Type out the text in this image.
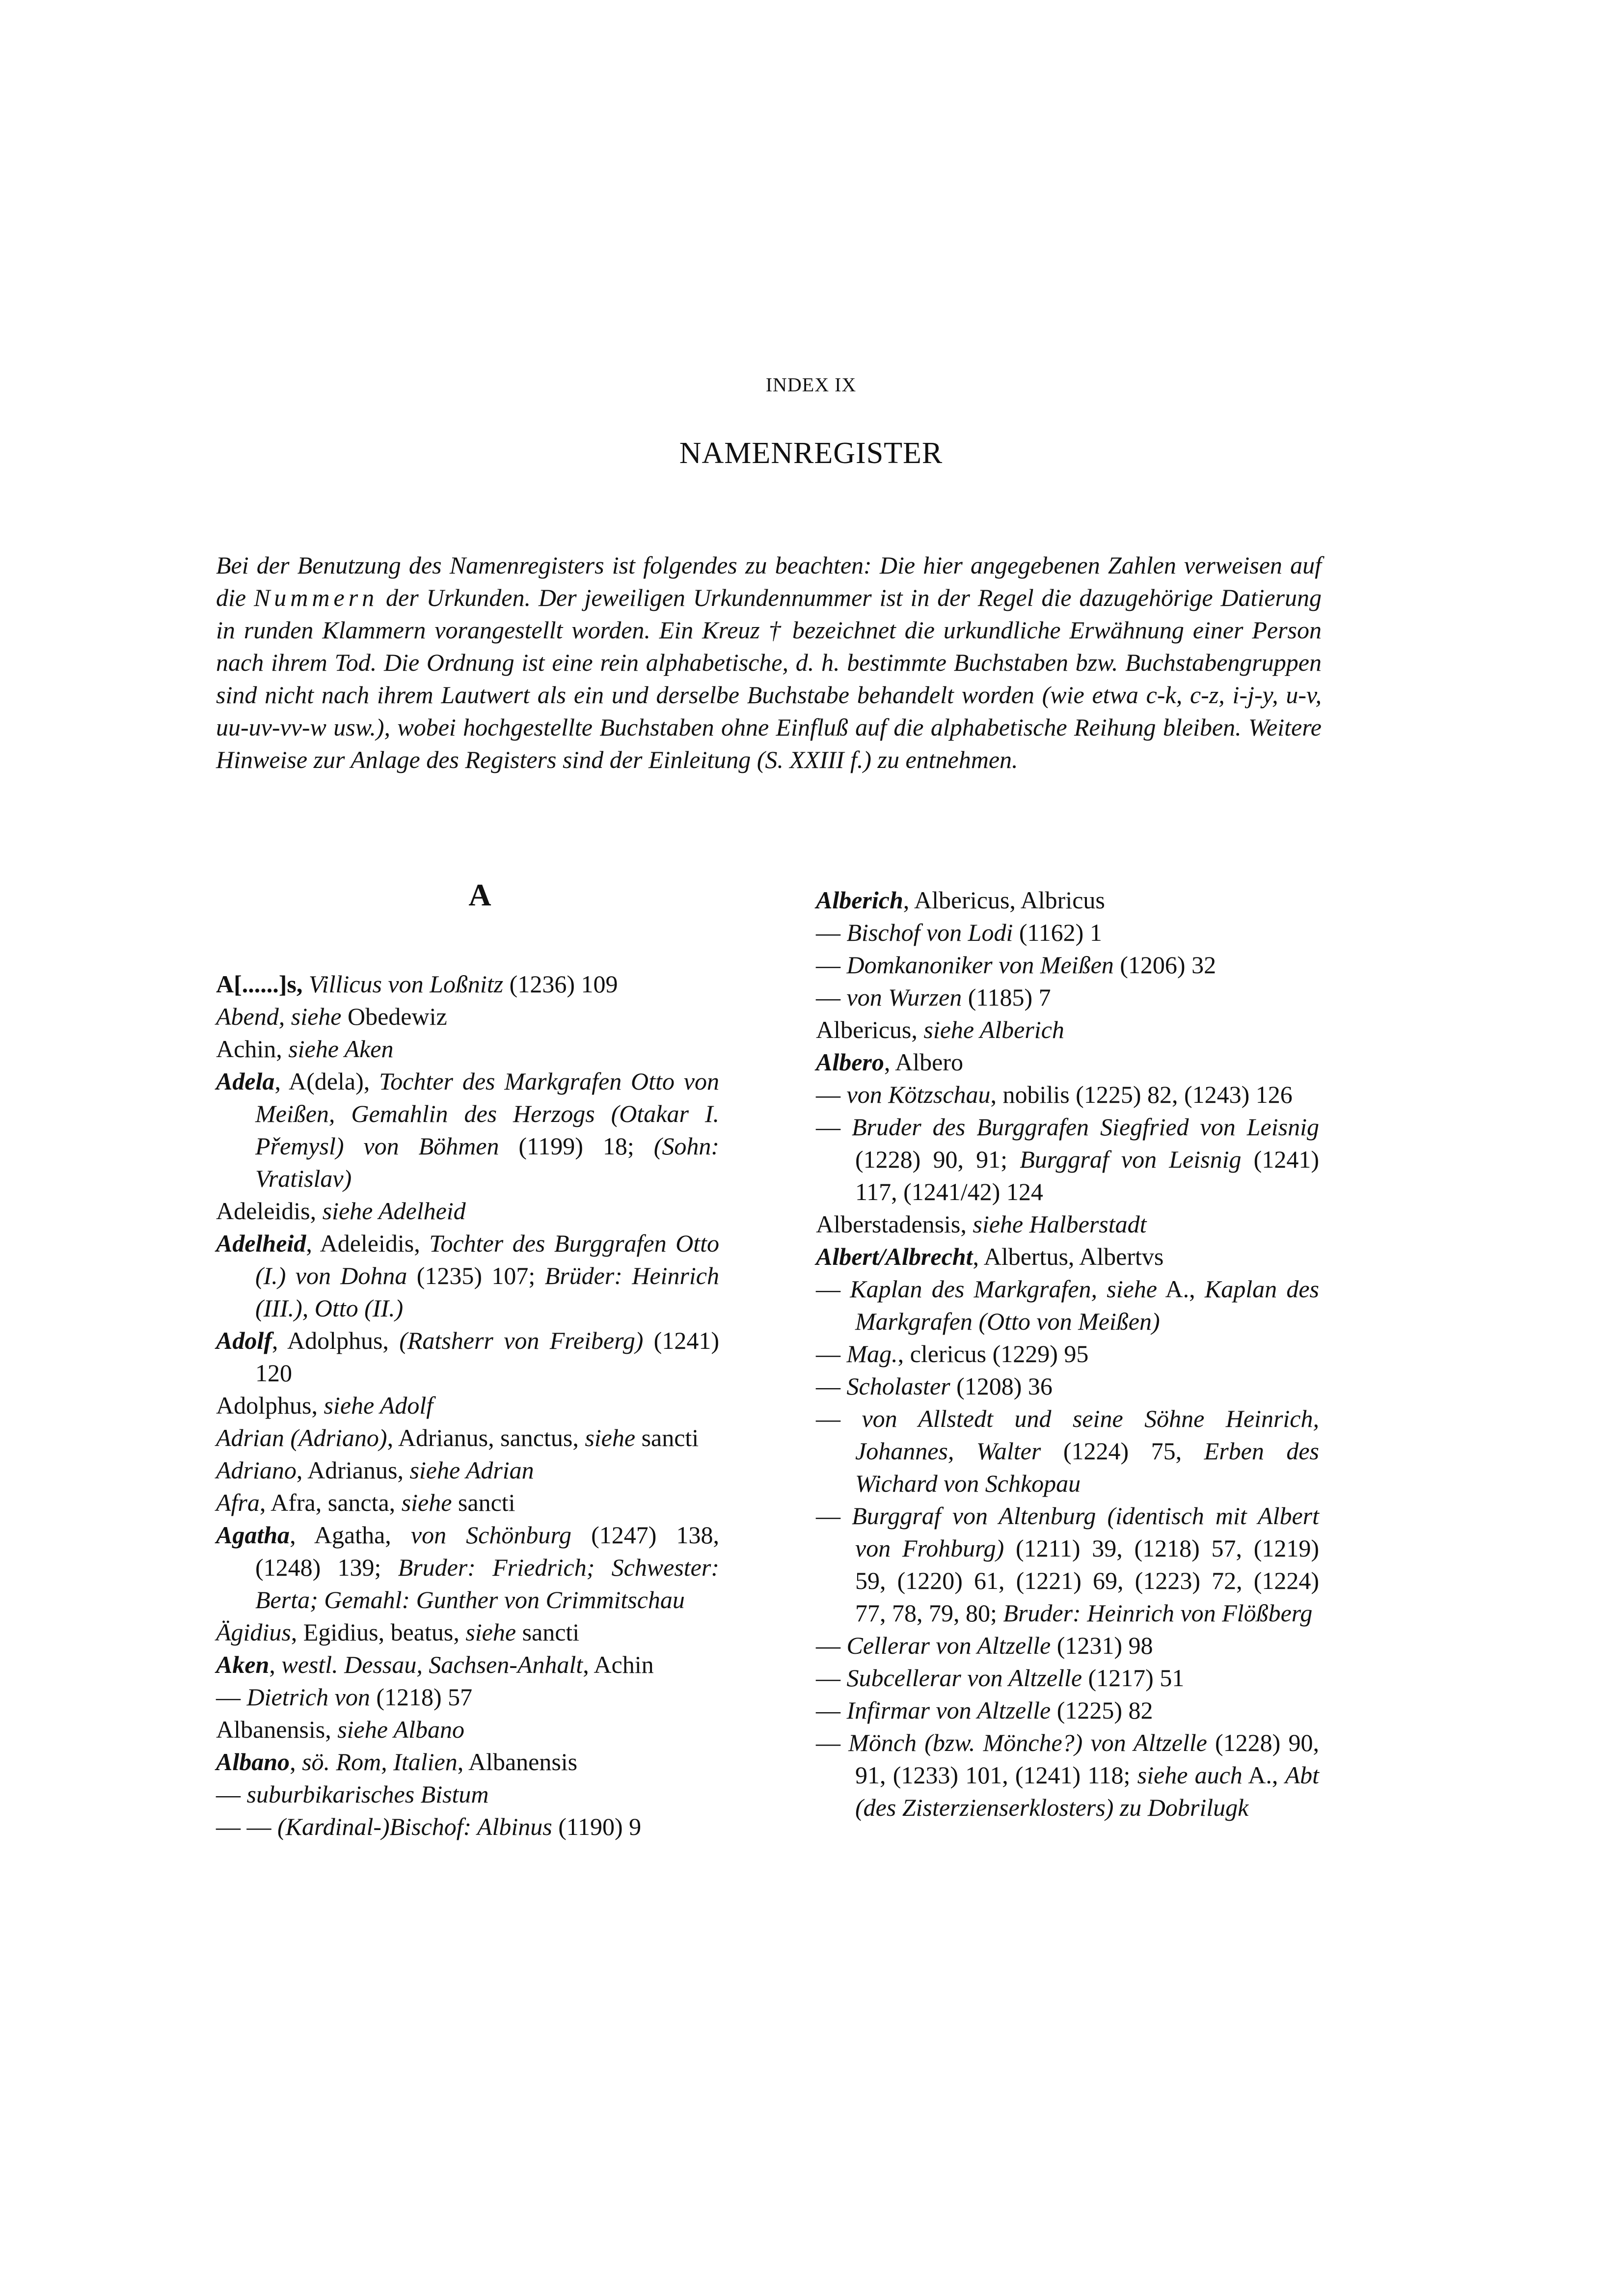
INDEX IX
NAMENREGISTER

Bei der Benutzung des Namenregisters ist folgendes zu beachten: Die hier angegebenen Zahlen verweisen auf die Nummern der Urkunden. Der jeweiligen Urkundennummer ist in der Regel die dazugehörige Datierung in runden Klammern vorangestellt worden. Ein Kreuz † bezeichnet die urkundliche Erwähnung einer Person nach ihrem Tod. Die Ordnung ist eine rein alphabetische, d. h. bestimmte Buchstaben bzw. Buchstabengruppen sind nicht nach ihrem Lautwert als ein und derselbe Buchstabe behandelt worden (wie etwa c-k, c-z, i-j-y, u-v, uu-uv-vv-w usw.), wobei hochgestellte Buchstaben ohne Einfluß auf die alphabetische Reihung bleiben. Weitere Hinweise zur Anlage des Registers sind der Einleitung (S. XXIII f.) zu entnehmen.

A

A[......]s, Villicus von Loßnitz (1236) 109

Abend, siehe Obedewiz

Achin, siehe Aken

Adela, A(dela), Tochter des Markgrafen Otto von Meißen, Gemahlin des Herzogs (Otakar I. Přemysl) von Böhmen (1199) 18; (Sohn: Vratislav)

Adeleidis, siehe Adelheid

Adelheid, Adeleidis, Tochter des Burggrafen Otto (I.) von Dohna (1235) 107; Brüder: Heinrich (III.), Otto (II.)

Adolf, Adolphus, (Ratsherr von Freiberg) (1241) 120

Adolphus, siehe Adolf

Adrian (Adriano), Adrianus, sanctus, siehe sancti

Adriano, Adrianus, siehe Adrian

Afra, Afra, sancta, siehe sancti

Agatha, Agatha, von Schönburg (1247) 138, (1248) 139; Bruder: Friedrich; Schwester: Berta; Gemahl: Gunther von Crimmitschau

Ägidius, Egidius, beatus, siehe sancti

Aken, westl. Dessau, Sachsen-Anhalt, Achin

— Dietrich von (1218) 57

Albanensis, siehe Albano

Albano, sö. Rom, Italien, Albanensis

— suburbikarisches Bistum

— — (Kardinal-)Bischof: Albinus (1190) 9

Alberich, Albericus, Albricus

— Bischof von Lodi (1162) 1

— Domkanoniker von Meißen (1206) 32

— von Wurzen (1185) 7

Albericus, siehe Alberich

Albero, Albero

— von Kötzschau, nobilis (1225) 82, (1243) 126

— Bruder des Burggrafen Siegfried von Leisnig (1228) 90, 91; Burggraf von Leisnig (1241) 117, (1241/42) 124

Alberstadensis, siehe Halberstadt

Albert/Albrecht, Albertus, Albertvs

— Kaplan des Markgrafen, siehe A., Kaplan des Markgrafen (Otto von Meißen)

— Mag., clericus (1229) 95

— Scholaster (1208) 36

— von Allstedt und seine Söhne Heinrich, Johannes, Walter (1224) 75, Erben des Wichard von Schkopau

— Burggraf von Altenburg (identisch mit Albert von Frohburg) (1211) 39, (1218) 57, (1219) 59, (1220) 61, (1221) 69, (1223) 72, (1224) 77, 78, 79, 80; Bruder: Heinrich von Flößberg

— Cellerar von Altzelle (1231) 98

— Subcellerar von Altzelle (1217) 51

— Infirmar von Altzelle (1225) 82

— Mönch (bzw. Mönche?) von Altzelle (1228) 90, 91, (1233) 101, (1241) 118; siehe auch A., Abt (des Zisterzienserklosters) zu Dobrilugk
